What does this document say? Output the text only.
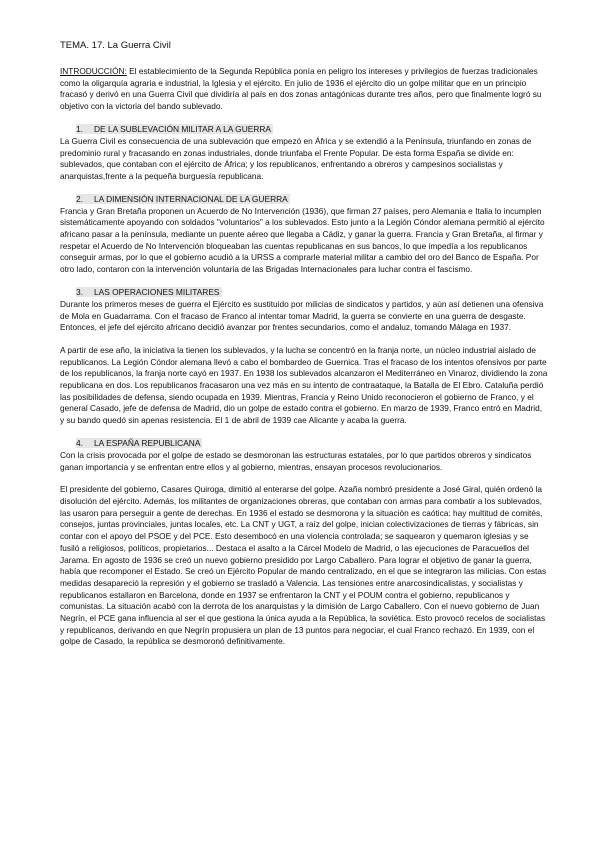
TEMA. 17. La Guerra Civil

INTRODUCCIÓN: El establecimiento de la Segunda República ponía en peligro los intereses y privilegios de fuerzas tradicionales como la oligarquía agraria e industrial, la Iglesia y el ejército. En julio de 1936 el ejército dio un golpe militar que en un principio fracasó y derivó en una Guerra Civil que dividiría al país en dos zonas antagónicas durante tres años, pero que finalmente logró su objetivo con la victoria del bando sublevado.

1. DE LA SUBLEVACIÓN MILITAR A LA GUERRA

La Guerra Civil es consecuencia de una sublevación que empezó en África y se extendió a la Península, triunfando en zonas de predominio rural y fracasando en zonas industriales, donde triunfaba el Frente Popular. De esta forma España se divide en: sublevados, que contaban con el ejército de África; y los republicanos, enfrentando a obreros y campesinos socialistas y anarquistas,frente a la pequeña burguesía republicana.

2. LA DIMENSIÓN INTERNACIONAL DE LA GUERRA

Francia y Gran Bretaña proponen un Acuerdo de No Intervención (1936), que firman 27 países, pero Alemania e Italia lo incumplen sistemáticamente apoyando con soldados "voluntarios" a los sublevados. Esto junto a la Legión Cóndor alemana permitió al ejército africano pasar a la península, mediante un puente aéreo que llegaba a Cádiz, y ganar la guerra. Francia y Gran Bretaña, al firmar y respetar el Acuerdo de No Intervención bloqueaban las cuentas republicanas en sus bancos, lo que impedía a los republicanos conseguir armas, por lo que el gobierno acudió a la URSS a comprarle material militar a cambio del oro del Banco de España. Por otro lado, contaron con la intervención voluntaria de las Brigadas Internacionales para luchar contra el fascismo.

3. LAS OPERACIONES MILITARES

Durante los primeros meses de guerra el Ejército es sustituido por milicias de sindicatos y partidos, y aún así detienen una ofensiva de Mola en Guadarrama. Con el fracaso de Franco al intentar tomar Madrid, la guerra se convierte en una guerra de desgaste. Entonces, el jefe del ejército africano decidió avanzar por frentes secundarios, como el andaluz, tomando Málaga en 1937.

A partir de ese año, la iniciativa la tienen los sublevados, y la lucha se concentró en la franja norte, un núcleo industrial aislado de republicanos. La Legión Cóndor alemana llevó a cabo el bombardeo de Guernica. Tras el fracaso de los intentos ofensivos por parte de los republicanos, la franja norte cayó en 1937. En 1938 los sublevados alcanzaron el Mediterráneo en Vinaroz, dividiendo la zona republicana en dos. Los republicanos fracasaron una vez más en su intento de contraataque, la Batalla de El Ebro. Cataluña perdió las posibilidades de defensa, siendo ocupada en 1939. Mientras, Francia y Reino Unido reconocieron el gobierno de Franco, y el general Casado, jefe de defensa de Madrid, dio un golpe de estado contra el gobierno. En marzo de 1939, Franco entró en Madrid, y su bando quedó sin apenas resistencia. El 1 de abril de 1939 cae Alicante y acaba la guerra.

4. LA ESPAÑA REPUBLICANA

Con la crisis provocada por el golpe de estado se desmoronan las estructuras estatales, por lo que partidos obreros y sindicatos ganan importancia y se enfrentan entre ellos y al gobierno, mientras, ensayan procesos revolucionarios.

El presidente del gobierno, Casares Quiroga, dimitió al enterarse del golpe. Azaña nombró presidente a José Giral, quién ordenó la disolución del ejército. Además, los militantes de organizaciones obreras, que contaban con armas para combatir a los sublevados, las usaron para perseguir a gente de derechas. En 1936 el estado se desmorona y la situación es caótica: hay multitud de comités, consejos, juntas provinciales, juntas locales, etc. La CNT y UGT, a raíz del golpe, inician colectivizaciones de tierras y fábricas, sin contar con el apoyo del PSOE y del PCE. Esto desembocó en una violencia controlada; se saquearon y quemaron iglesias y se fusiló a religiosos, políticos, propietarios... Destaca el asalto a la Cárcel Modelo de Madrid, o las ejecuciones de Paracuellos del Jarama. En agosto de 1936 se creó un nuevo gobierno presidido por Largo Caballero. Para lograr el objetivo de ganar la guerra, había que recomponer el Estado. Se creó un Ejército Popular de mando centralizado, en el que se integraron las milicias. Con estas medidas desapareció la represión y el gobierno se trasladó a Valencia. Las tensiones entre anarcosindicalistas, y socialistas y republicanos estallaron en Barcelona, donde en 1937 se enfrentaron la CNT y el POUM contra el gobierno, republicanos y comunistas. La situación acabó con la derrota de los anarquistas y la dimisión de Largo Caballero. Con el nuevo gobierno de Juan Negrín, el PCE gana influencia al ser el que gestiona la única ayuda a la República, la soviética. Esto provocó recelos de socialistas y republicanos, derivando en que Negrín propusiera un plan de 13 puntos para negociar, el cual Franco rechazó. En 1939, con el golpe de Casado, la república se desmoronó definitivamente.
